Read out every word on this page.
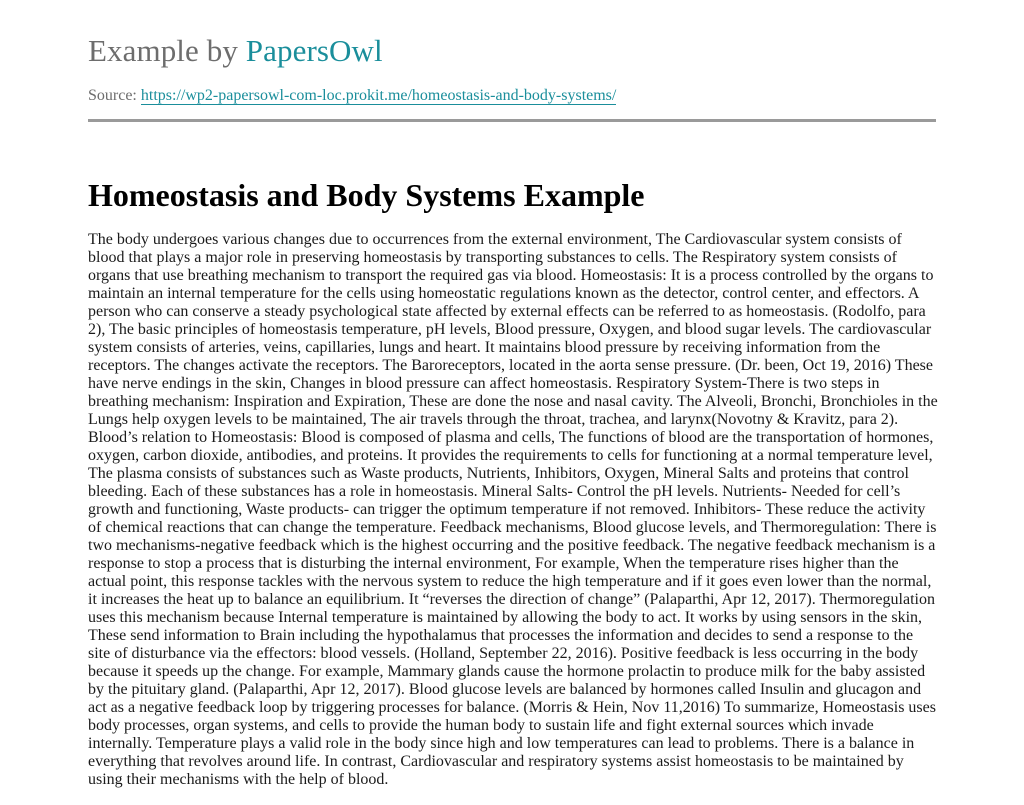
Example by PapersOwl
Source: https://wp2-papersowl-com-loc.prokit.me/homeostasis-and-body-systems/
Homeostasis and Body Systems Example

The body undergoes various changes due to occurrences from the external environment, The Cardiovascular system consists of blood that plays a major role in preserving homeostasis by transporting substances to cells. The Respiratory system consists of organs that use breathing mechanism to transport the required gas via blood. Homeostasis: It is a process controlled by the organs to maintain an internal temperature for the cells using homeostatic regulations known as the detector, control center, and effectors. A person who can conserve a steady psychological state affected by external effects can be referred to as homeostasis. (Rodolfo, para 2), The basic principles of homeostasis temperature, pH levels, Blood pressure, Oxygen, and blood sugar levels. The cardiovascular system consists of arteries, veins, capillaries, lungs and heart. It maintains blood pressure by receiving information from the receptors. The changes activate the receptors. The Baroreceptors, located in the aorta sense pressure. (Dr. been, Oct 19, 2016) These have nerve endings in the skin, Changes in blood pressure can affect homeostasis. Respiratory System-There is two steps in breathing mechanism: Inspiration and Expiration, These are done the nose and nasal cavity. The Alveoli, Bronchi, Bronchioles in the Lungs help oxygen levels to be maintained, The air travels through the throat, trachea, and larynx(Novotny & Kravitz, para 2). Blood’s relation to Homeostasis: Blood is composed of plasma and cells, The functions of blood are the transportation of hormones, oxygen, carbon dioxide, antibodies, and proteins. It provides the requirements to cells for functioning at a normal temperature level, The plasma consists of substances such as Waste products, Nutrients, Inhibitors, Oxygen, Mineral Salts and proteins that control bleeding. Each of these substances has a role in homeostasis. Mineral Salts- Control the pH levels. Nutrients- Needed for cell’s growth and functioning, Waste products- can trigger the optimum temperature if not removed. Inhibitors- These reduce the activity of chemical reactions that can change the temperature. Feedback mechanisms, Blood glucose levels, and Thermoregulation: There is two mechanisms-negative feedback which is the highest occurring and the positive feedback. The negative feedback mechanism is a response to stop a process that is disturbing the internal environment, For example, When the temperature rises higher than the actual point, this response tackles with the nervous system to reduce the high temperature and if it goes even lower than the normal, it increases the heat up to balance an equilibrium. It “reverses the direction of change” (Palaparthi, Apr 12, 2017). Thermoregulation uses this mechanism because Internal temperature is maintained by allowing the body to act. It works by using sensors in the skin, These send information to Brain including the hypothalamus that processes the information and decides to send a response to the site of disturbance via the effectors: blood vessels. (Holland, September 22, 2016). Positive feedback is less occurring in the body because it speeds up the change. For example, Mammary glands cause the hormone prolactin to produce milk for the baby assisted by the pituitary gland. (Palaparthi, Apr 12, 2017). Blood glucose levels are balanced by hormones called Insulin and glucagon and act as a negative feedback loop by triggering processes for balance. (Morris & Hein, Nov 11,2016) To summarize, Homeostasis uses body processes, organ systems, and cells to provide the human body to sustain life and fight external sources which invade internally. Temperature plays a valid role in the body since high and low temperatures can lead to problems. There is a balance in everything that revolves around life. In contrast, Cardiovascular and respiratory systems assist homeostasis to be maintained by using their mechanisms with the help of blood.
